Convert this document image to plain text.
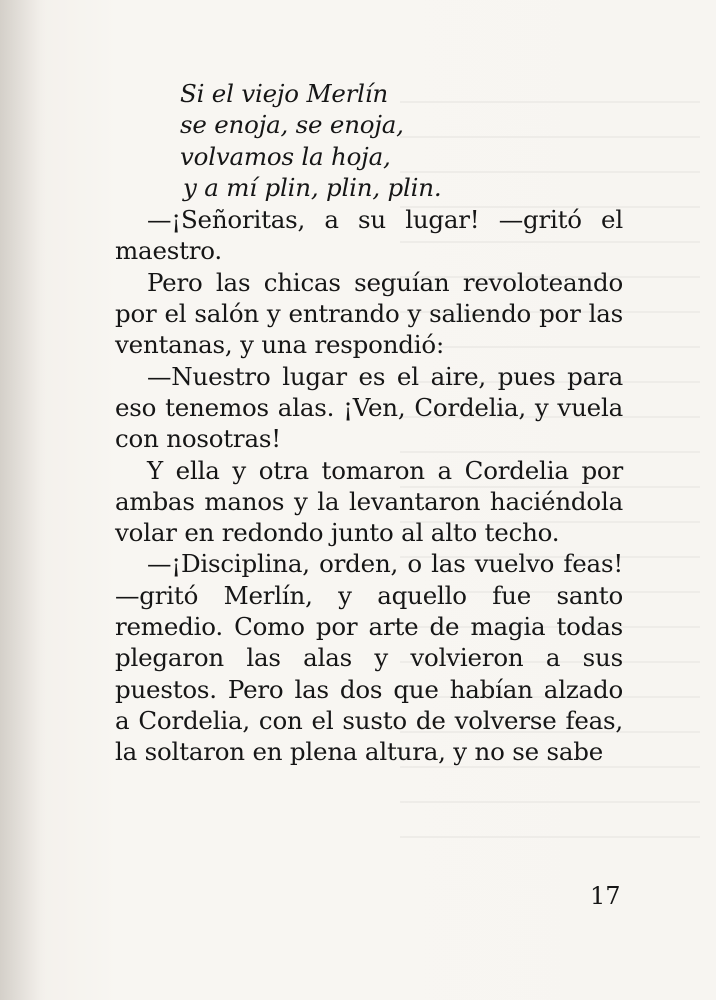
Si el viejo Merlín
se enoja, se enoja,
volvamos la hoja,
y a mí plin, plin, plin.

—¡Señoritas, a su lugar! —gritó el maestro.

Pero las chicas seguían revoloteando por el salón y entrando y saliendo por las ventanas, y una respondió:

—Nuestro lugar es el aire, pues para eso tenemos alas. ¡Ven, Cordelia, y vuela con nosotras!

Y ella y otra tomaron a Cordelia por ambas manos y la levantaron haciéndola volar en redondo junto al alto techo.

—¡Disciplina, orden, o las vuelvo feas! —gritó Merlín, y aquello fue santo remedio. Como por arte de magia todas plegaron las alas y volvieron a sus puestos. Pero las dos que habían alzado a Cordelia, con el susto de volverse feas, la soltaron en plena altura, y no se sabe

17
